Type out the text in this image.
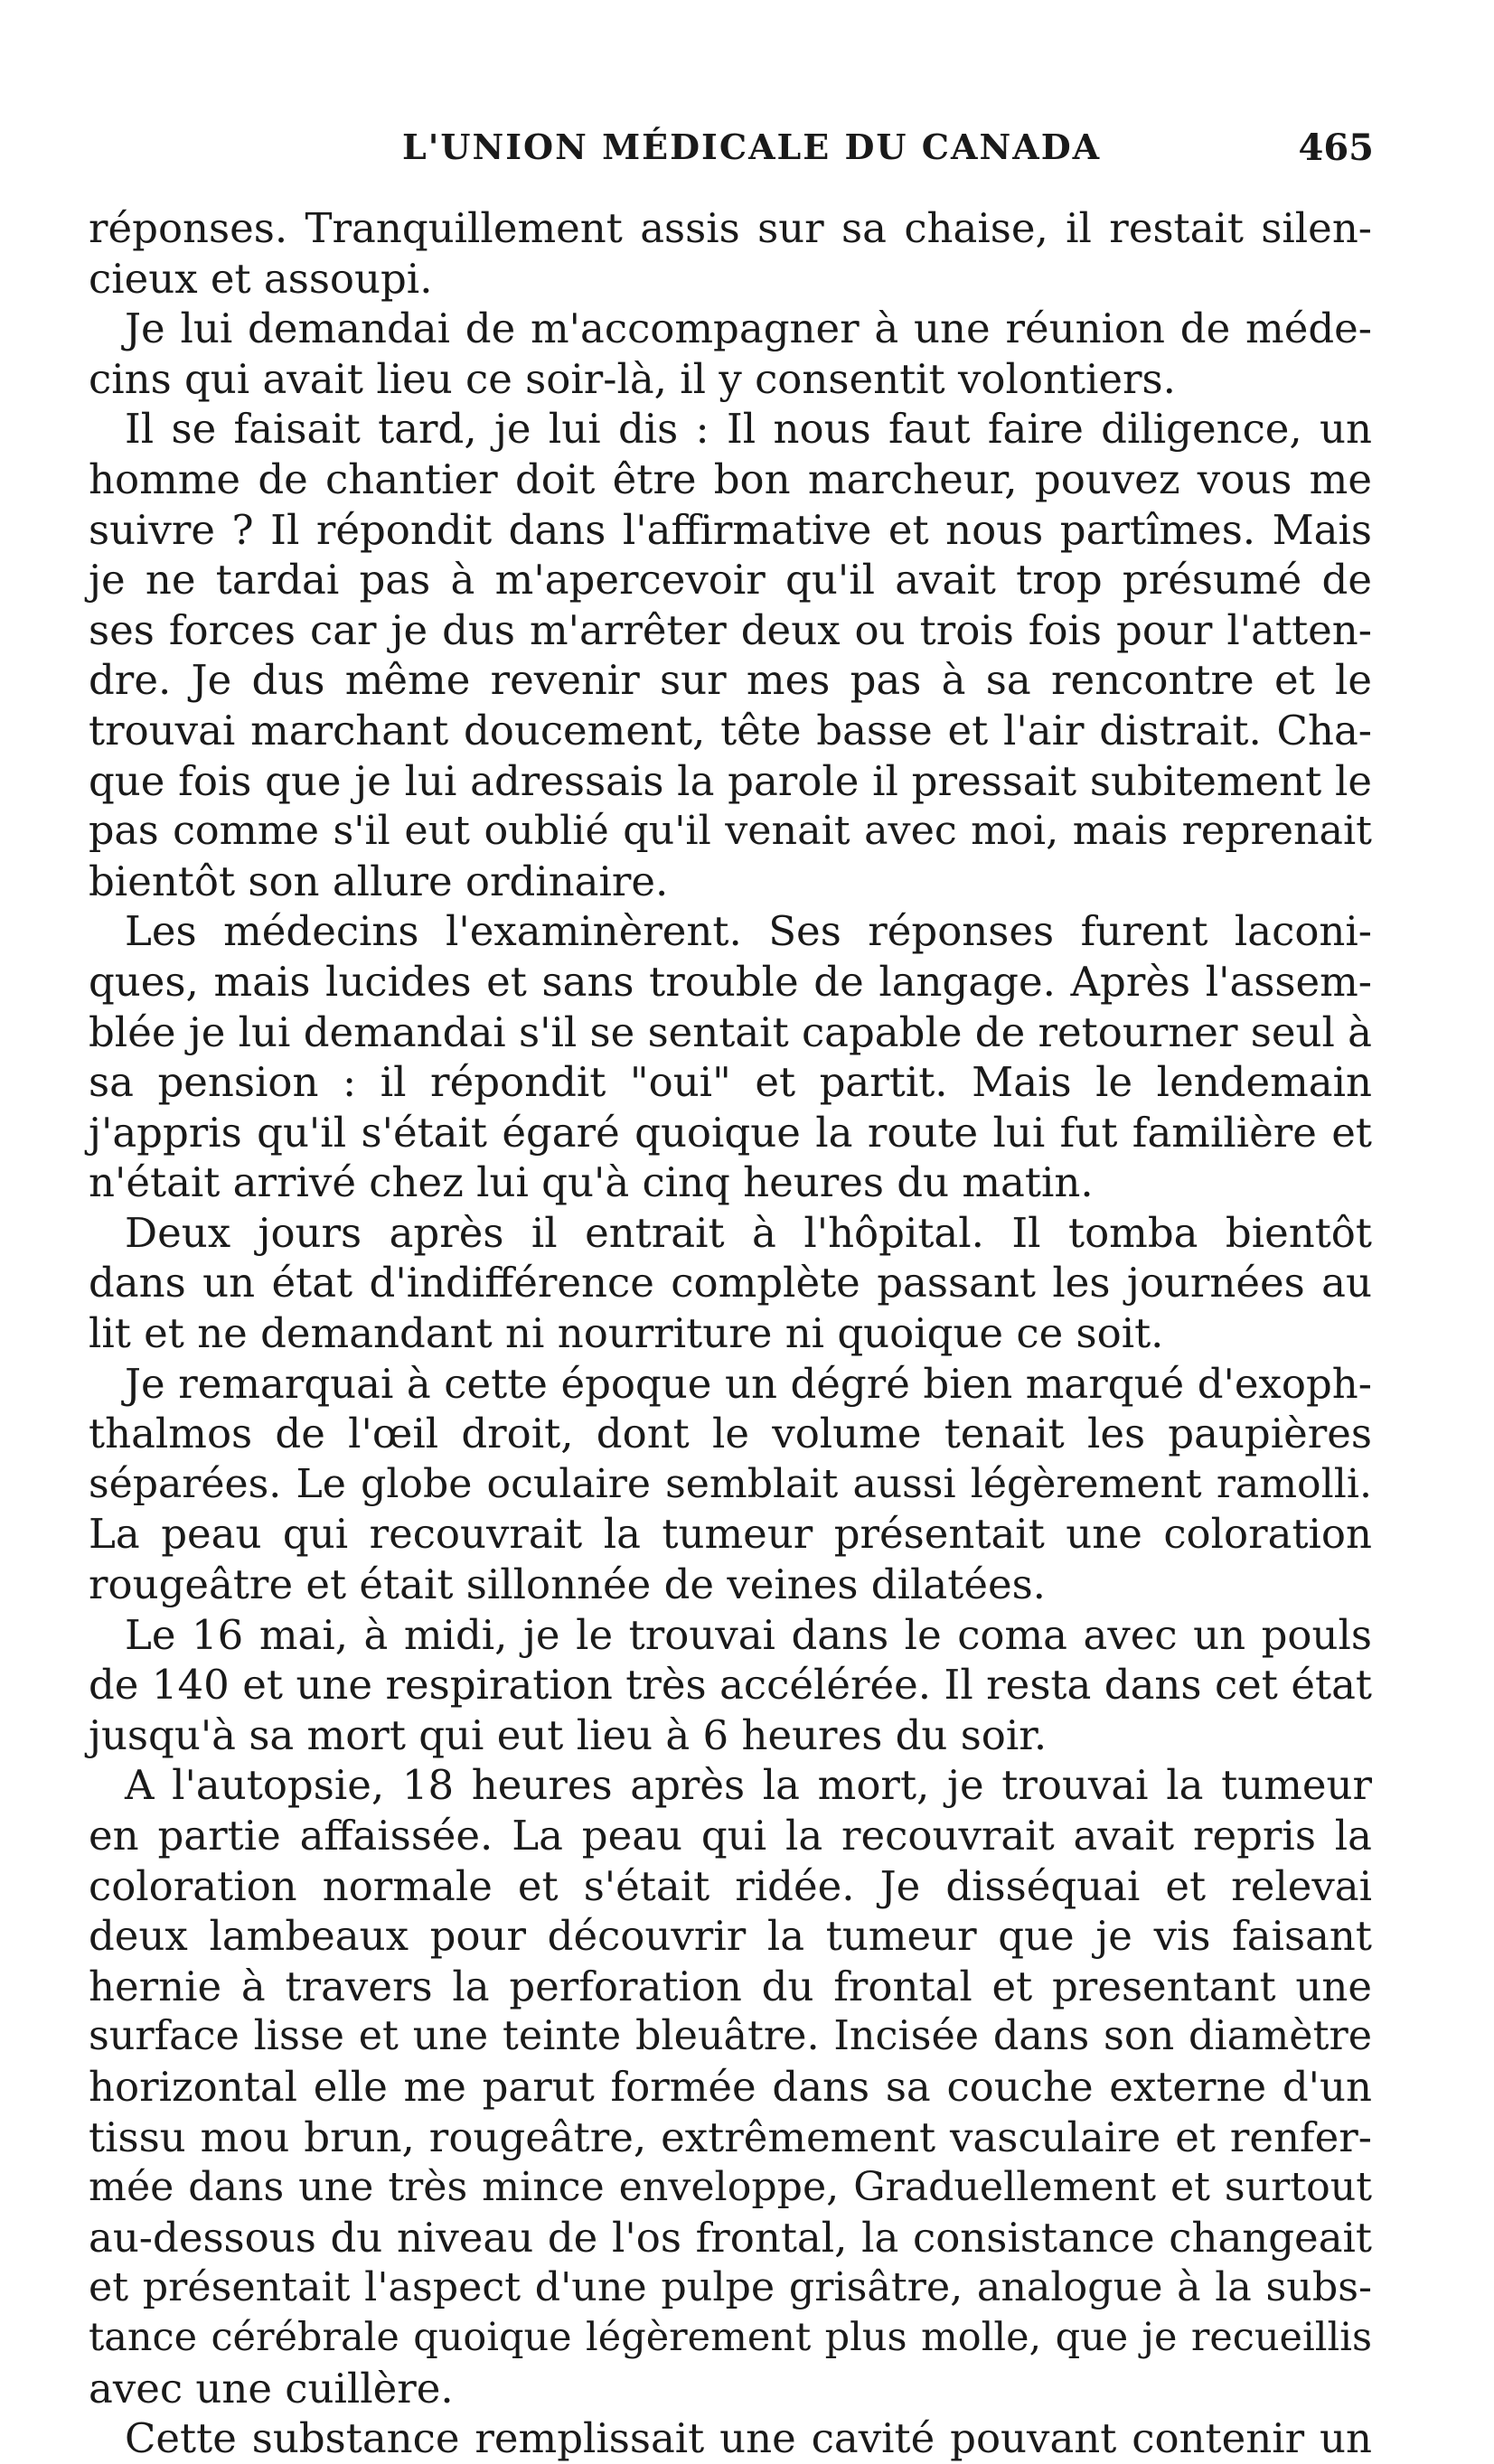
L'UNION MÉDICALE DU CANADA	465
réponses. Tranquillement assis sur sa chaise, il restait silen-
cieux et assoupi.
Je lui demandai de m'accompagner à une réunion de méde-
cins qui avait lieu ce soir-là, il y consentit volontiers.
Il se faisait tard, je lui dis : Il nous faut faire diligence, un
homme de chantier doit être bon marcheur, pouvez vous me
suivre ? Il répondit dans l'affirmative et nous partîmes. Mais
je ne tardai pas à m'apercevoir qu'il avait trop présumé de
ses forces car je dus m'arrêter deux ou trois fois pour l'atten-
dre. Je dus même revenir sur mes pas à sa rencontre et le
trouvai marchant doucement, tête basse et l'air distrait. Cha-
que fois que je lui adressais la parole il pressait subitement le
pas comme s'il eut oublié qu'il venait avec moi, mais reprenait
bientôt son allure ordinaire.
Les médecins l'examinèrent. Ses réponses furent laconi-
ques, mais lucides et sans trouble de langage. Après l'assem-
blée je lui demandai s'il se sentait capable de retourner seul à
sa pension : il répondit "oui" et partit. Mais le lendemain
j'appris qu'il s'était égaré quoique la route lui fut familière et
n'était arrivé chez lui qu'à cinq heures du matin.
Deux jours après il entrait à l'hôpital. Il tomba bientôt
dans un état d'indifférence complète passant les journées au
lit et ne demandant ni nourriture ni quoique ce soit.
Je remarquai à cette époque un dégré bien marqué d'exoph-
thalmos de l'œil droit, dont le volume tenait les paupières
séparées. Le globe oculaire semblait aussi légèrement ramolli.
La peau qui recouvrait la tumeur présentait une coloration
rougeâtre et était sillonnée de veines dilatées.
Le 16 mai, à midi, je le trouvai dans le coma avec un pouls
de 140 et une respiration très accélérée. Il resta dans cet état
jusqu'à sa mort qui eut lieu à 6 heures du soir.
A l'autopsie, 18 heures après la mort, je trouvai la tumeur
en partie affaissée. La peau qui la recouvrait avait repris la
coloration normale et s'était ridée. Je disséquai et relevai
deux lambeaux pour découvrir la tumeur que je vis faisant
hernie à travers la perforation du frontal et presentant une
surface lisse et une teinte bleuâtre. Incisée dans son diamètre
horizontal elle me parut formée dans sa couche externe d'un
tissu mou brun, rougeâtre, extrêmement vasculaire et renfer-
mée dans une très mince enveloppe, Graduellement et surtout
au-dessous du niveau de l'os frontal, la consistance changeait
et présentait l'aspect d'une pulpe grisâtre, analogue à la subs-
tance cérébrale quoique légèrement plus molle, que je recueillis
avec une cuillère.
Cette substance remplissait une cavité pouvant contenir un
